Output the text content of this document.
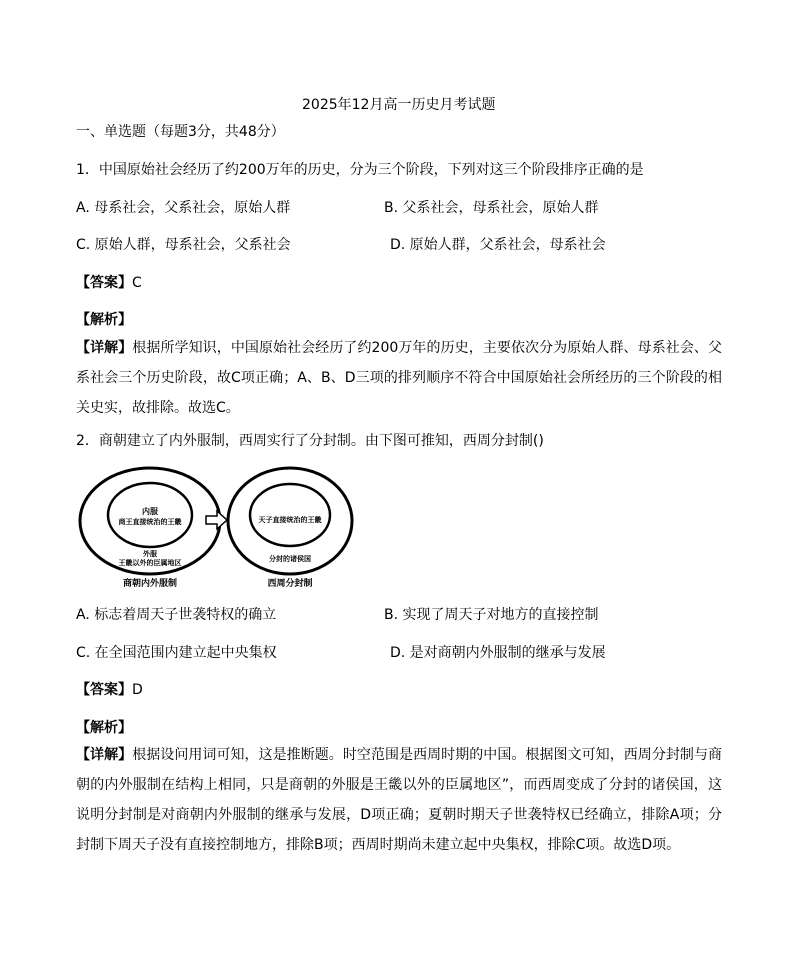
2025年12月高一历史月考试题
一、单选题（每题3分，共48分）
1．中国原始社会经历了约200万年的历史，分为三个阶段，下列对这三个阶段排序正确的是
A. 母系社会，父系社会，原始人群	B. 父系社会，母系社会，原始人群
C. 原始人群，母系社会，父系社会	D. 原始人群，父系社会，母系社会
【答案】C
【解析】
【详解】根据所学知识，中国原始社会经历了约200万年的历史，主要依次分为原始人群、母系社会、父系社会三个历史阶段，故C项正确；A、B、D三项的排列顺序不符合中国原始社会所经历的三个阶段的相关史实，故排除。故选C。
2．商朝建立了内外服制，西周实行了分封制。由下图可推知，西周分封制()
内服
商王直接统治的王畿
外服
王畿以外的臣属地区
商朝内外服制
天子直接统治的王畿
分封的诸侯国
西周分封制
A. 标志着周天子世袭特权的确立	B. 实现了周天子对地方的直接控制
C. 在全国范围内建立起中央集权	D. 是对商朝内外服制的继承与发展
【答案】D
【解析】
【详解】根据设问用词可知，这是推断题。时空范围是西周时期的中国。根据图文可知，西周分封制与商朝的内外服制在结构上相同，只是商朝的外服是王畿以外的臣属地区”，而西周变成了分封的诸侯国，这说明分封制是对商朝内外服制的继承与发展，D项正确；夏朝时期天子世袭特权已经确立，排除A项；分封制下周天子没有直接控制地方，排除B项；西周时期尚未建立起中央集权，排除C项。故选D项。
